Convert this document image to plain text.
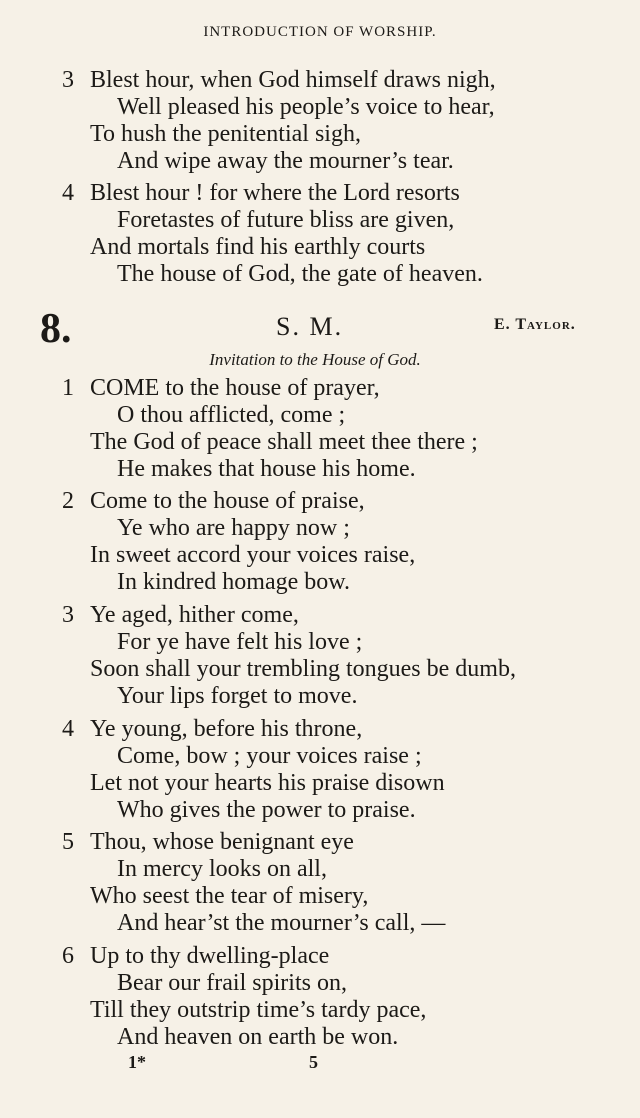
INTRODUCTION OF WORSHIP.
3 Blest hour, when God himself draws nigh,
Well pleased his people’s voice to hear,
To hush the penitential sigh,
And wipe away the mourner’s tear.
4 Blest hour ! for where the Lord resorts
Foretastes of future bliss are given,
And mortals find his earthly courts
The house of God, the gate of heaven.
8.	S. M.	E. Taylor.
Invitation to the House of God.
1 COME to the house of prayer,
O thou afflicted, come ;
The God of peace shall meet thee there ;
He makes that house his home.
2 Come to the house of praise,
Ye who are happy now ;
In sweet accord your voices raise,
In kindred homage bow.
3 Ye aged, hither come,
For ye have felt his love ;
Soon shall your trembling tongues be dumb,
Your lips forget to move.
4 Ye young, before his throne,
Come, bow ; your voices raise ;
Let not your hearts his praise disown
Who gives the power to praise.
5 Thou, whose benignant eye
In mercy looks on all,
Who seest the tear of misery,
And hear’st the mourner’s call, —
6 Up to thy dwelling-place
Bear our frail spirits on,
Till they outstrip time’s tardy pace,
And heaven on earth be won.
1*	5
